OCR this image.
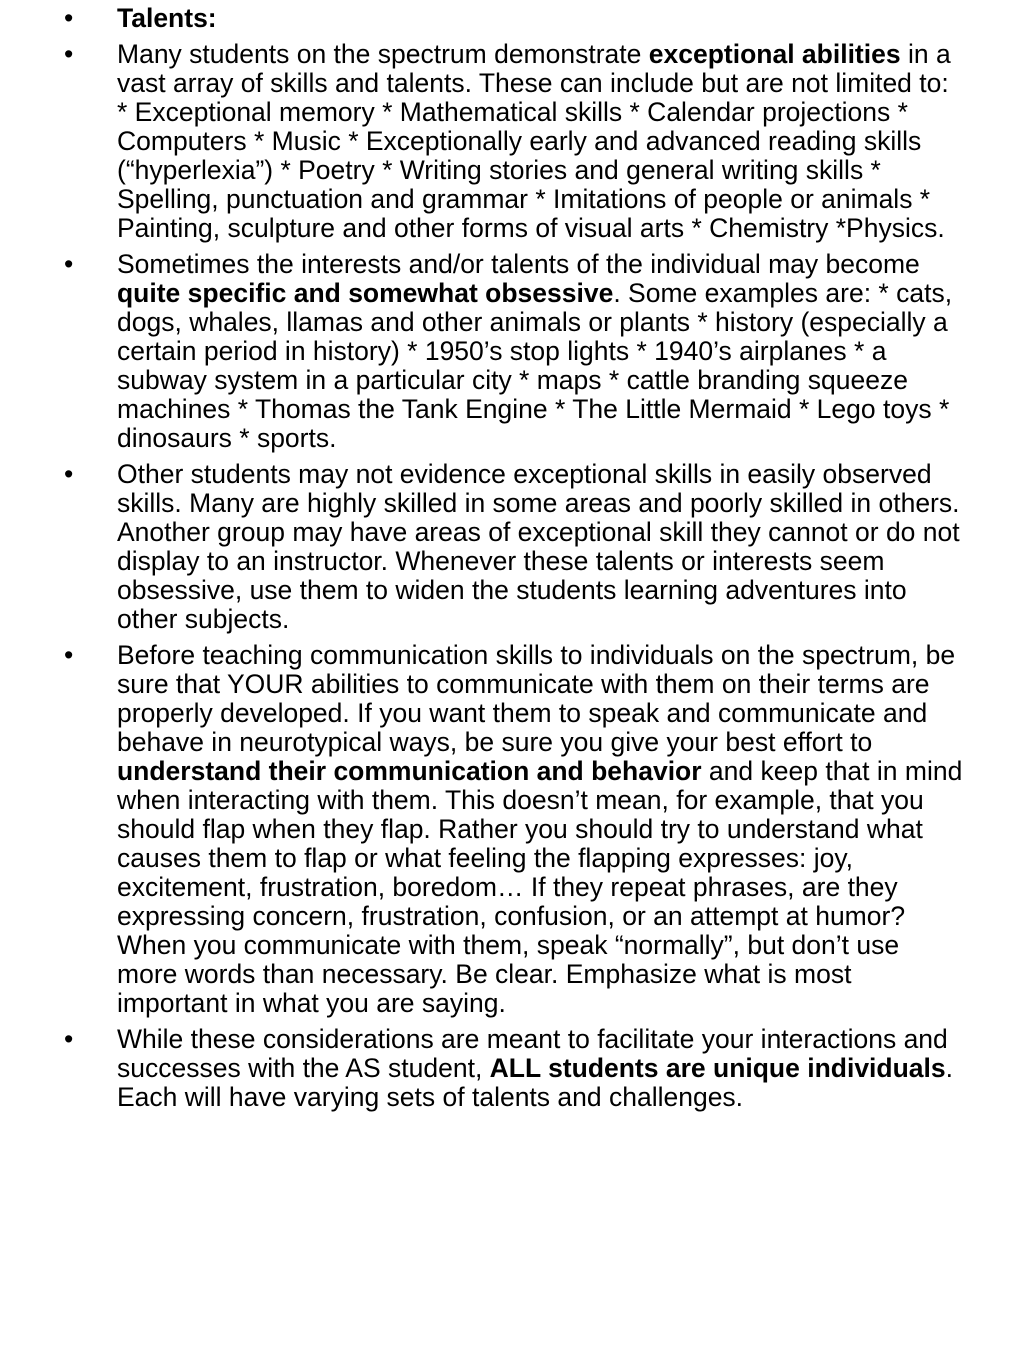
•	Talents:
•	Many students on the spectrum demonstrate exceptional abilities in a vast array of skills and talents. These can include but are not limited to: * Exceptional memory * Mathematical skills * Calendar projections * Computers * Music * Exceptionally early and advanced reading skills (“hyperlexia”) * Poetry * Writing stories and general writing skills * Spelling, punctuation and grammar * Imitations of people or animals * Painting, sculpture and other forms of visual arts * Chemistry *Physics.
•	Sometimes the interests and/or talents of the individual may become quite specific and somewhat obsessive. Some examples are: * cats, dogs, whales, llamas and other animals or plants * history (especially a certain period in history) * 1950’s stop lights * 1940’s airplanes * a subway system in a particular city * maps * cattle branding squeeze machines * Thomas the Tank Engine * The Little Mermaid * Lego toys * dinosaurs * sports.
•	Other students may not evidence exceptional skills in easily observed skills. Many are highly skilled in some areas and poorly skilled in others. Another group may have areas of exceptional skill they cannot or do not display to an instructor. Whenever these talents or interests seem obsessive, use them to widen the students learning adventures into other subjects.
•	Before teaching communication skills to individuals on the spectrum, be sure that YOUR abilities to communicate with them on their terms are properly developed. If you want them to speak and communicate and behave in neurotypical ways, be sure you give your best effort to understand their communication and behavior and keep that in mind when interacting with them. This doesn’t mean, for example, that you should flap when they flap. Rather you should try to understand what causes them to flap or what feeling the flapping expresses: joy, excitement, frustration, boredom… If they repeat phrases, are they expressing concern, frustration, confusion, or an attempt at humor? When you communicate with them, speak “normally”, but don’t use more words than necessary. Be clear. Emphasize what is most important in what you are saying.
•	While these considerations are meant to facilitate your interactions and successes with the AS student, ALL students are unique individuals. Each will have varying sets of talents and challenges.
